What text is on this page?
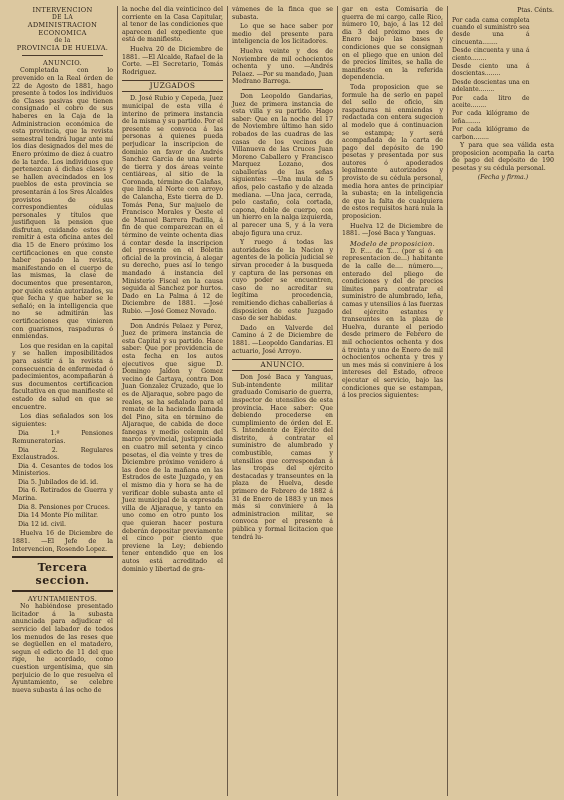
INTERVENCION
DE LA
ADMINISTRACION ECONOMICA
de la
PROVINCIA DE HUELVA.
ANUNCIO.

Completada con lo prevenido en la Real órden de 22 de Agosto de 1881, hago presente á todos los individuos de Clases pasivas que tienen consignado el cobro de sus haberes en la Caja de la Administracion económica de esta provincia, que la revista semestral tendrá lugar ante mí los dias designados del mes de Enero próximo de diez á cuatro de la tarde. Los individuos que pertenezcan á dichas clases y se hallen avecindados en los pueblos de esta provincia se presentarán á los Sres Alcaldes provistos de sus correspondientes cédulas personales y títulos que justifiquen la pension que disfrutan, cuidando estos de remitir á esta oficina antes del dia 15 de Enero próximo los certificaciones en que conste haber pasado la revista, manifestando en el cuerpo de las mismas, la clase de documentos que presentaron, por quién están autorizados, su que fecha y que haber se le señaló; en la intelligencia que no se admitirán las certificaciones que vinieren con guarismos, raspaduras ó enmiendas.

Los que residan en la capital y se hallen imposibilitados para asistir á la revista á consecuencia de enfermedad ó padecimientos, acompañarán á sus documentos certificacion facultativa en que manifieste el estado de salud en que se encuentre.

Los dias señalados son los siguientes:

Dia 1.º Pensiones Remuneratorias.
Dia 2. Regulares Exclaustrados.
Dia 4. Cesantes de todos los Ministerios.
Dia 5. Jubilados de id. id.
Dia 6. Retirados de Guerra y Marina.
Dia 8. Pensiones por Cruces.
Dia 14 Monte Pío militar.
Dia 12 id. civil.

Huelva 16 de Diciembre de 1881. —El Jefe de la Intervencion, Rosendo Lopez.

Tercera seccion.
AYUNTAMIENTOS.

No habiéndose presentado licitador á la subasta anunciada para adjudicar el servicio del labador de todos los menudos de las reses que se degüellen en el matadero, segun el edicto de 11 del que rige, he acordado, como cuestion urgentísima, que sin perjuicio de lo que resuelva el Ayuntamiento, se celebre nueva subasta á las ocho de

la noche del dia veinticinco del corriente en la Casa Capitular, al tenor de las condiciones que aparecen del expediente que está de manifiesto.

Huelva 20 de Diciembre de 1881. —El Alcalde, Rafael de la Corte. —El Secretario, Tomás Rodriguez.

JUZGADOS

D. José Rubio y Cepeda, Juez municipal de esta villa é interino de primera instancia de la misma y su partido. Por el presente se convoca á las personas á quienes pueda perjudicar la inscripcion de dominio en favor de Andrés Sanchez Garcia de una suerte de tierra y dos áreas veinte centiáreas, al sitio de la Coronada, término de Calañas, que linda al Norte con arroyo de Calancha, Este tierra de D. Tomás Pena, Sur majuelo de Francisco Morales y Oeste el de Manuel Barrera Padilla, á fin de que comparezcan en el término de veinte ochenta dias á contar desde la inscripcion del presente en el Boletin oficial de la provincia, á alegar su derecho, pues así lo tengo mandado á instancia del Ministerio Fiscal en la causa seguida al Sanchez por hurtos. Dado en La Palma á 12 de Diciembre de 1881. —José Rubio. —José Gomez Novado.

Don Andrés Pelaez y Perez, Juez de primera instancia de esta Capital y su partido. Hace saber: Que por providencia de esta fecha en los autos ejecutivos que sigue D. Domingo Jaldon y Gomez vecino de Cartaya, contra Don Juan Gonzalez Cruzado, que lo es de Aljaraque, sobre pago de reales, se ha señalado para el remate de la hacienda llamada del Pino, sita en término de Aljaraque, de cabida de doce fanegas y medio celemin del marco provincial, justipreciada en cuatro mil setenta y cinco pesetas, el dia veinte y tres de Diciembre próximo venidero á las doce de la mañana en las Estrados de este Juzgado, y en el mismo dia y hora se ha de verificar doble subasta ante el Juez municipal de la expresada villa de Aljaraque, y tanto en uno como en otro punto los que quieran hacer postura deberán depositar previamente el cinco por ciento que previene la Ley; debiendo tener entendido que en los autos está acreditado el dominio y libertad de gra-

vámenes de la finca que se subasta.

Lo que se hace saber por medio del presente para inteligencia de los licitadores.

Huelva veinte y dos de Noviembre de mil ochocientos ochenta y uno. —Andrés Pelaez. —Por su mandado, Juan Medrano Barrega.

Don Leopoldo Gandarias, Juez de primera instancia de esta villa y su partido. Hago saber: Que en la noche del 17 de Noviembre último han sido robados de las cuadras de las casas de los vecinos de Villanueva de las Cruces Juan Moreno Caballero y Francisco Marquez Lozano, dos caballerías de las señas siguientes: —Una mula de 5 años, pelo castaño y de alzada mediana. —Una jaca, cerrada, pelo castaño, cola cortada, capona, doble de cuerpo, con un hierro en la nalga izquierda, al parecer una S, y á la vera abajo figura una cruz.

Y ruego á todas las autoridades de la Nacion y agentes de la policía judicial se sirvan proceder á la busqueda y captura de las personas en cuyo poder se encuentren, caso de no acreditar su legítima procedencia, remitiendo dichas caballerías á disposicion de este Juzgado caso de ser habidas.

Dado en Valverde del Camino á 2 de Diciembre de 1881. —Leopoldo Gandarias. El actuario, José Arroyo.

ANUNCIO.

Don José Baca y Yanguas, Sub-intendente militar graduado Comisario de guerra, inspector de utensilios de esta provincia. Hace saber: Que debiendo procederse en cumplimiento de órden del E. S. Intendente de Ejército del distrito, á contratar el suministro de alumbrado y combustible, camas y utensilios que correspondan á las tropas del ejército destacadas y transeuntes en la plaza de Huelva, desde primero de Febrero de 1882 á 31 de Enero de 1883 y un mes más si conviniere á la administracion militar, se convoca por el presente á pública y formal licitacion que tendrá lu-

gar en esta Comisaría de guerra de mi cargo, calle Rico, número 10, bajo, á las 12 del dia 3 del próximo mes de Enero bajo las bases y condiciones que se consignan en el pliego que en union del de precios límites, se halla de manifiesto en la referida dependencia.

Toda proposicion que se formule ha de serlo en papel del sello de oficio, sin raspaduras ni enmiendas y redactada con entera sugecion al modelo que á continuacion se estampa; y será acompañada de la carta de pago del depósito de 190 pesetas y presentada por sus autores ó apoderados legalmente autorizados y provisto de su cédula personal, media hora antes de principiar la subasta; en la inteligencia de que la falta de cualquiera de estos requisitos hará nula la proposicion.

Huelva 12 de Diciembre de 1881. —José Baca y Yanguas.

Modelo de proposicion.

D. F.... de T.... (por sí ó en representacion de...) habitante de la calle de.... número...., enterado del pliego de condiciones y del de precios límites para contratar el suministro de alumbrado, leña, camas y utensilios á las fuerzas del ejército estantes y transeuntes en la plaza de Huelva, durante el periodo desde primero de Febrero de mil ochocientos ochenta y dos á treinta y uno de Enero de mil ochocientos ochenta y tres y un mes más si conviniere á los intereses del Estado, ofrece ejecutar el servicio, bajo las condiciones que se estampan, á los precios siguientes:

Ptas. Cénts.
Por cada cama completa cuando el suministro sea desde una á cincuenta........	
Desde cincuenta y una á ciento........	
Desde ciento una á doscientas........	
Desde doscientas una en adelante........	
Por cada litro de aceite........	
Por cada kilógramo de leña........	
Por cada kilógramo de carbon........	

Y para que sea válida esta proposicion acompaña la carta de pago del depósito de 190 pesetas y su cédula personal.

(Fecha y firma.)
